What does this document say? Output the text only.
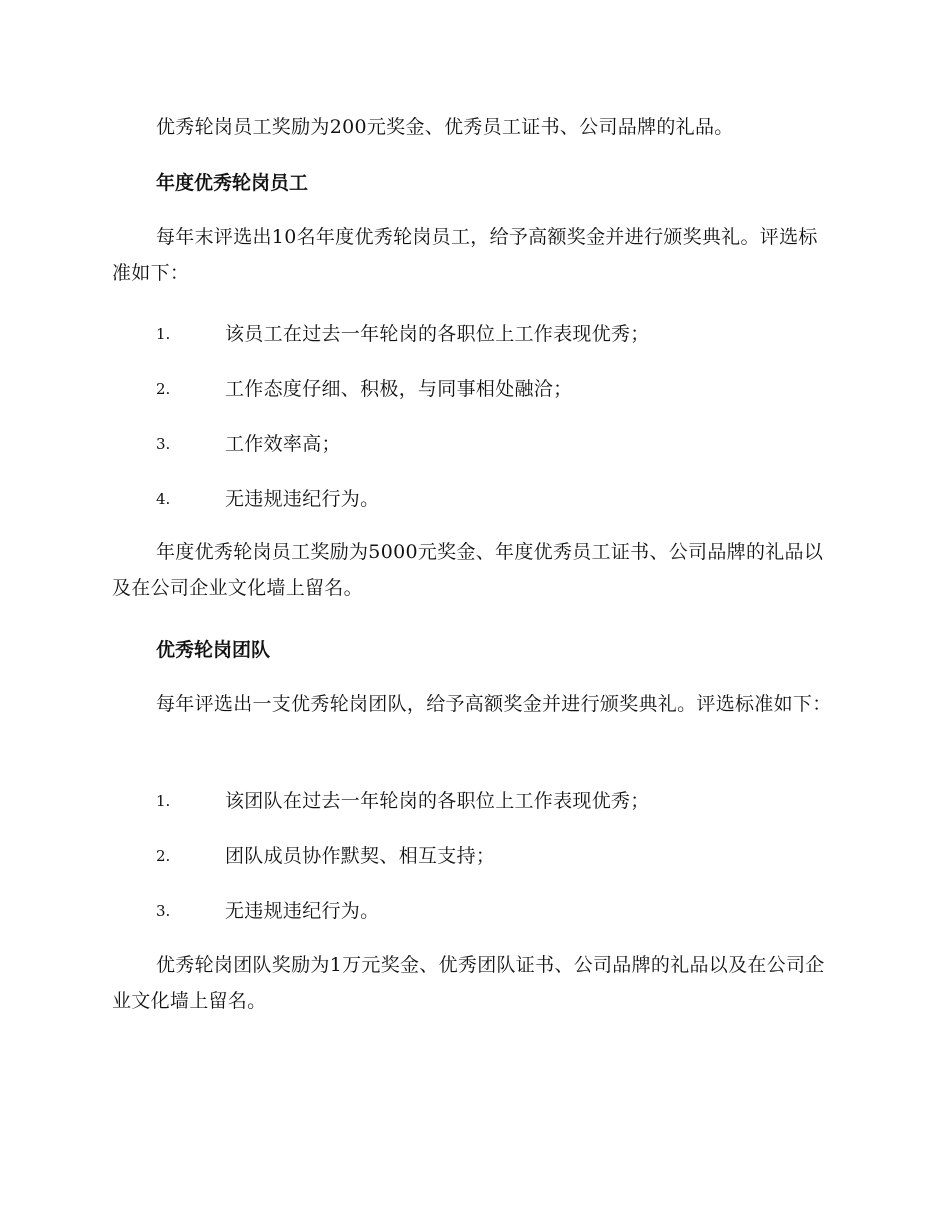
优秀轮岗员工奖励为200元奖金、优秀员工证书、公司品牌的礼品。

年度优秀轮岗员工

每年末评选出10名年度优秀轮岗员工，给予高额奖金并进行颁奖典礼。评选标准如下：

1.	该员工在过去一年轮岗的各职位上工作表现优秀；
2.	工作态度仔细、积极，与同事相处融洽；
3.	工作效率高；
4.	无违规违纪行为。

年度优秀轮岗员工奖励为5000元奖金、年度优秀员工证书、公司品牌的礼品以及在公司企业文化墙上留名。

优秀轮岗团队

每年评选出一支优秀轮岗团队，给予高额奖金并进行颁奖典礼。评选标准如下：

1.	该团队在过去一年轮岗的各职位上工作表现优秀；
2.	团队成员协作默契、相互支持；
3.	无违规违纪行为。

优秀轮岗团队奖励为1万元奖金、优秀团队证书、公司品牌的礼品以及在公司企业文化墙上留名。
